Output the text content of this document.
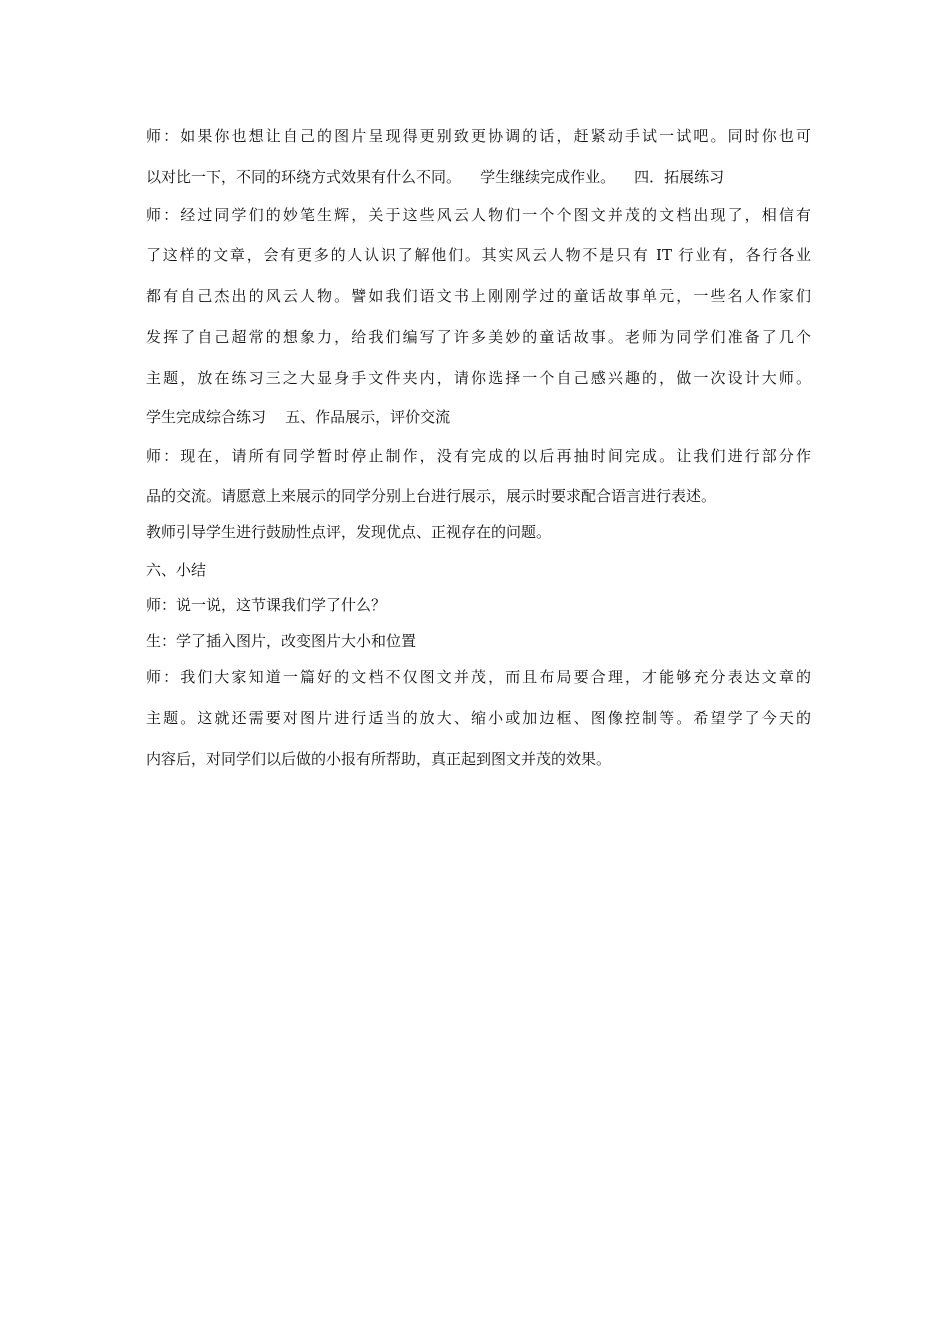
师：如果你也想让自己的图片呈现得更别致更协调的话，赶紧动手试一试吧。同时你也可
以对比一下，不同的环绕方式效果有什么不同。    学生继续完成作业。    四．拓展练习
师：经过同学们的妙笔生辉，关于这些风云人物们一个个图文并茂的文档出现了，相信有
了这样的文章，会有更多的人认识了解他们。其实风云人物不是只有 IT 行业有，各行各业
都有自己杰出的风云人物。譬如我们语文书上刚刚学过的童话故事单元，一些名人作家们
发挥了自己超常的想象力，给我们编写了许多美妙的童话故事。老师为同学们准备了几个
主题，放在练习三之大显身手文件夹内，请你选择一个自己感兴趣的，做一次设计大师。
学生完成综合练习    五、作品展示，评价交流
师：现在，请所有同学暂时停止制作，没有完成的以后再抽时间完成。让我们进行部分作
品的交流。请愿意上来展示的同学分别上台进行展示，展示时要求配合语言进行表述。
教师引导学生进行鼓励性点评，发现优点、正视存在的问题。
六、小结
师：说一说，这节课我们学了什么？
生：学了插入图片，改变图片大小和位置
师：我们大家知道一篇好的文档不仅图文并茂，而且布局要合理，才能够充分表达文章的
主题。这就还需要对图片进行适当的放大、缩小或加边框、图像控制等。希望学了今天的
内容后，对同学们以后做的小报有所帮助，真正起到图文并茂的效果。
